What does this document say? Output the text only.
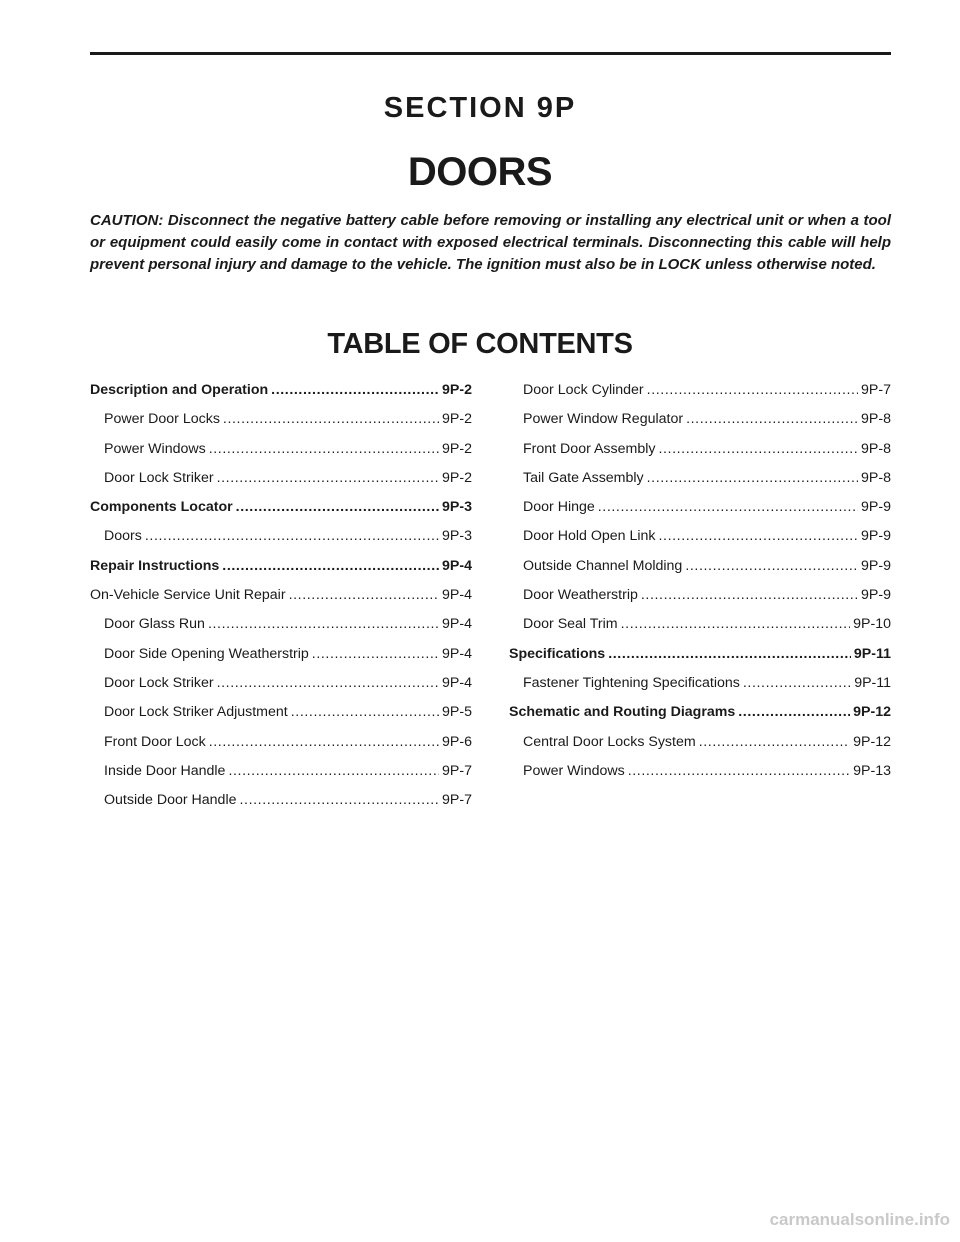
SECTION 9P
DOORS
CAUTION: Disconnect the negative battery cable before removing or installing any electrical unit or when a tool or equipment could easily come in contact with exposed electrical terminals. Disconnecting this cable will help prevent personal injury and damage to the vehicle. The ignition must also be in LOCK unless otherwise noted.
TABLE OF CONTENTS
Description and Operation .....	9P-2
Power Door Locks .....	9P-2
Power Windows .....	9P-2
Door Lock Striker .....	9P-2
Components Locator .....	9P-3
Doors .....	9P-3
Repair Instructions .....	9P-4
On-Vehicle Service Unit Repair .....	9P-4
Door Glass Run .....	9P-4
Door Side Opening Weatherstrip .....	9P-4
Door Lock Striker .....	9P-4
Door Lock Striker Adjustment .....	9P-5
Front Door Lock .....	9P-6
Inside Door Handle .....	9P-7
Outside Door Handle .....	9P-7
Door Lock Cylinder .....	9P-7
Power Window Regulator .....	9P-8
Front Door Assembly .....	9P-8
Tail Gate Assembly .....	9P-8
Door Hinge .....	9P-9
Door Hold Open Link .....	9P-9
Outside Channel Molding .....	9P-9
Door Weatherstrip .....	9P-9
Door Seal Trim .....	9P-10
Specifications .....	9P-11
Fastener Tightening Specifications .....	9P-11
Schematic and Routing Diagrams .....	9P-12
Central Door Locks System .....	9P-12
Power Windows .....	9P-13
carmanualsonline.info
